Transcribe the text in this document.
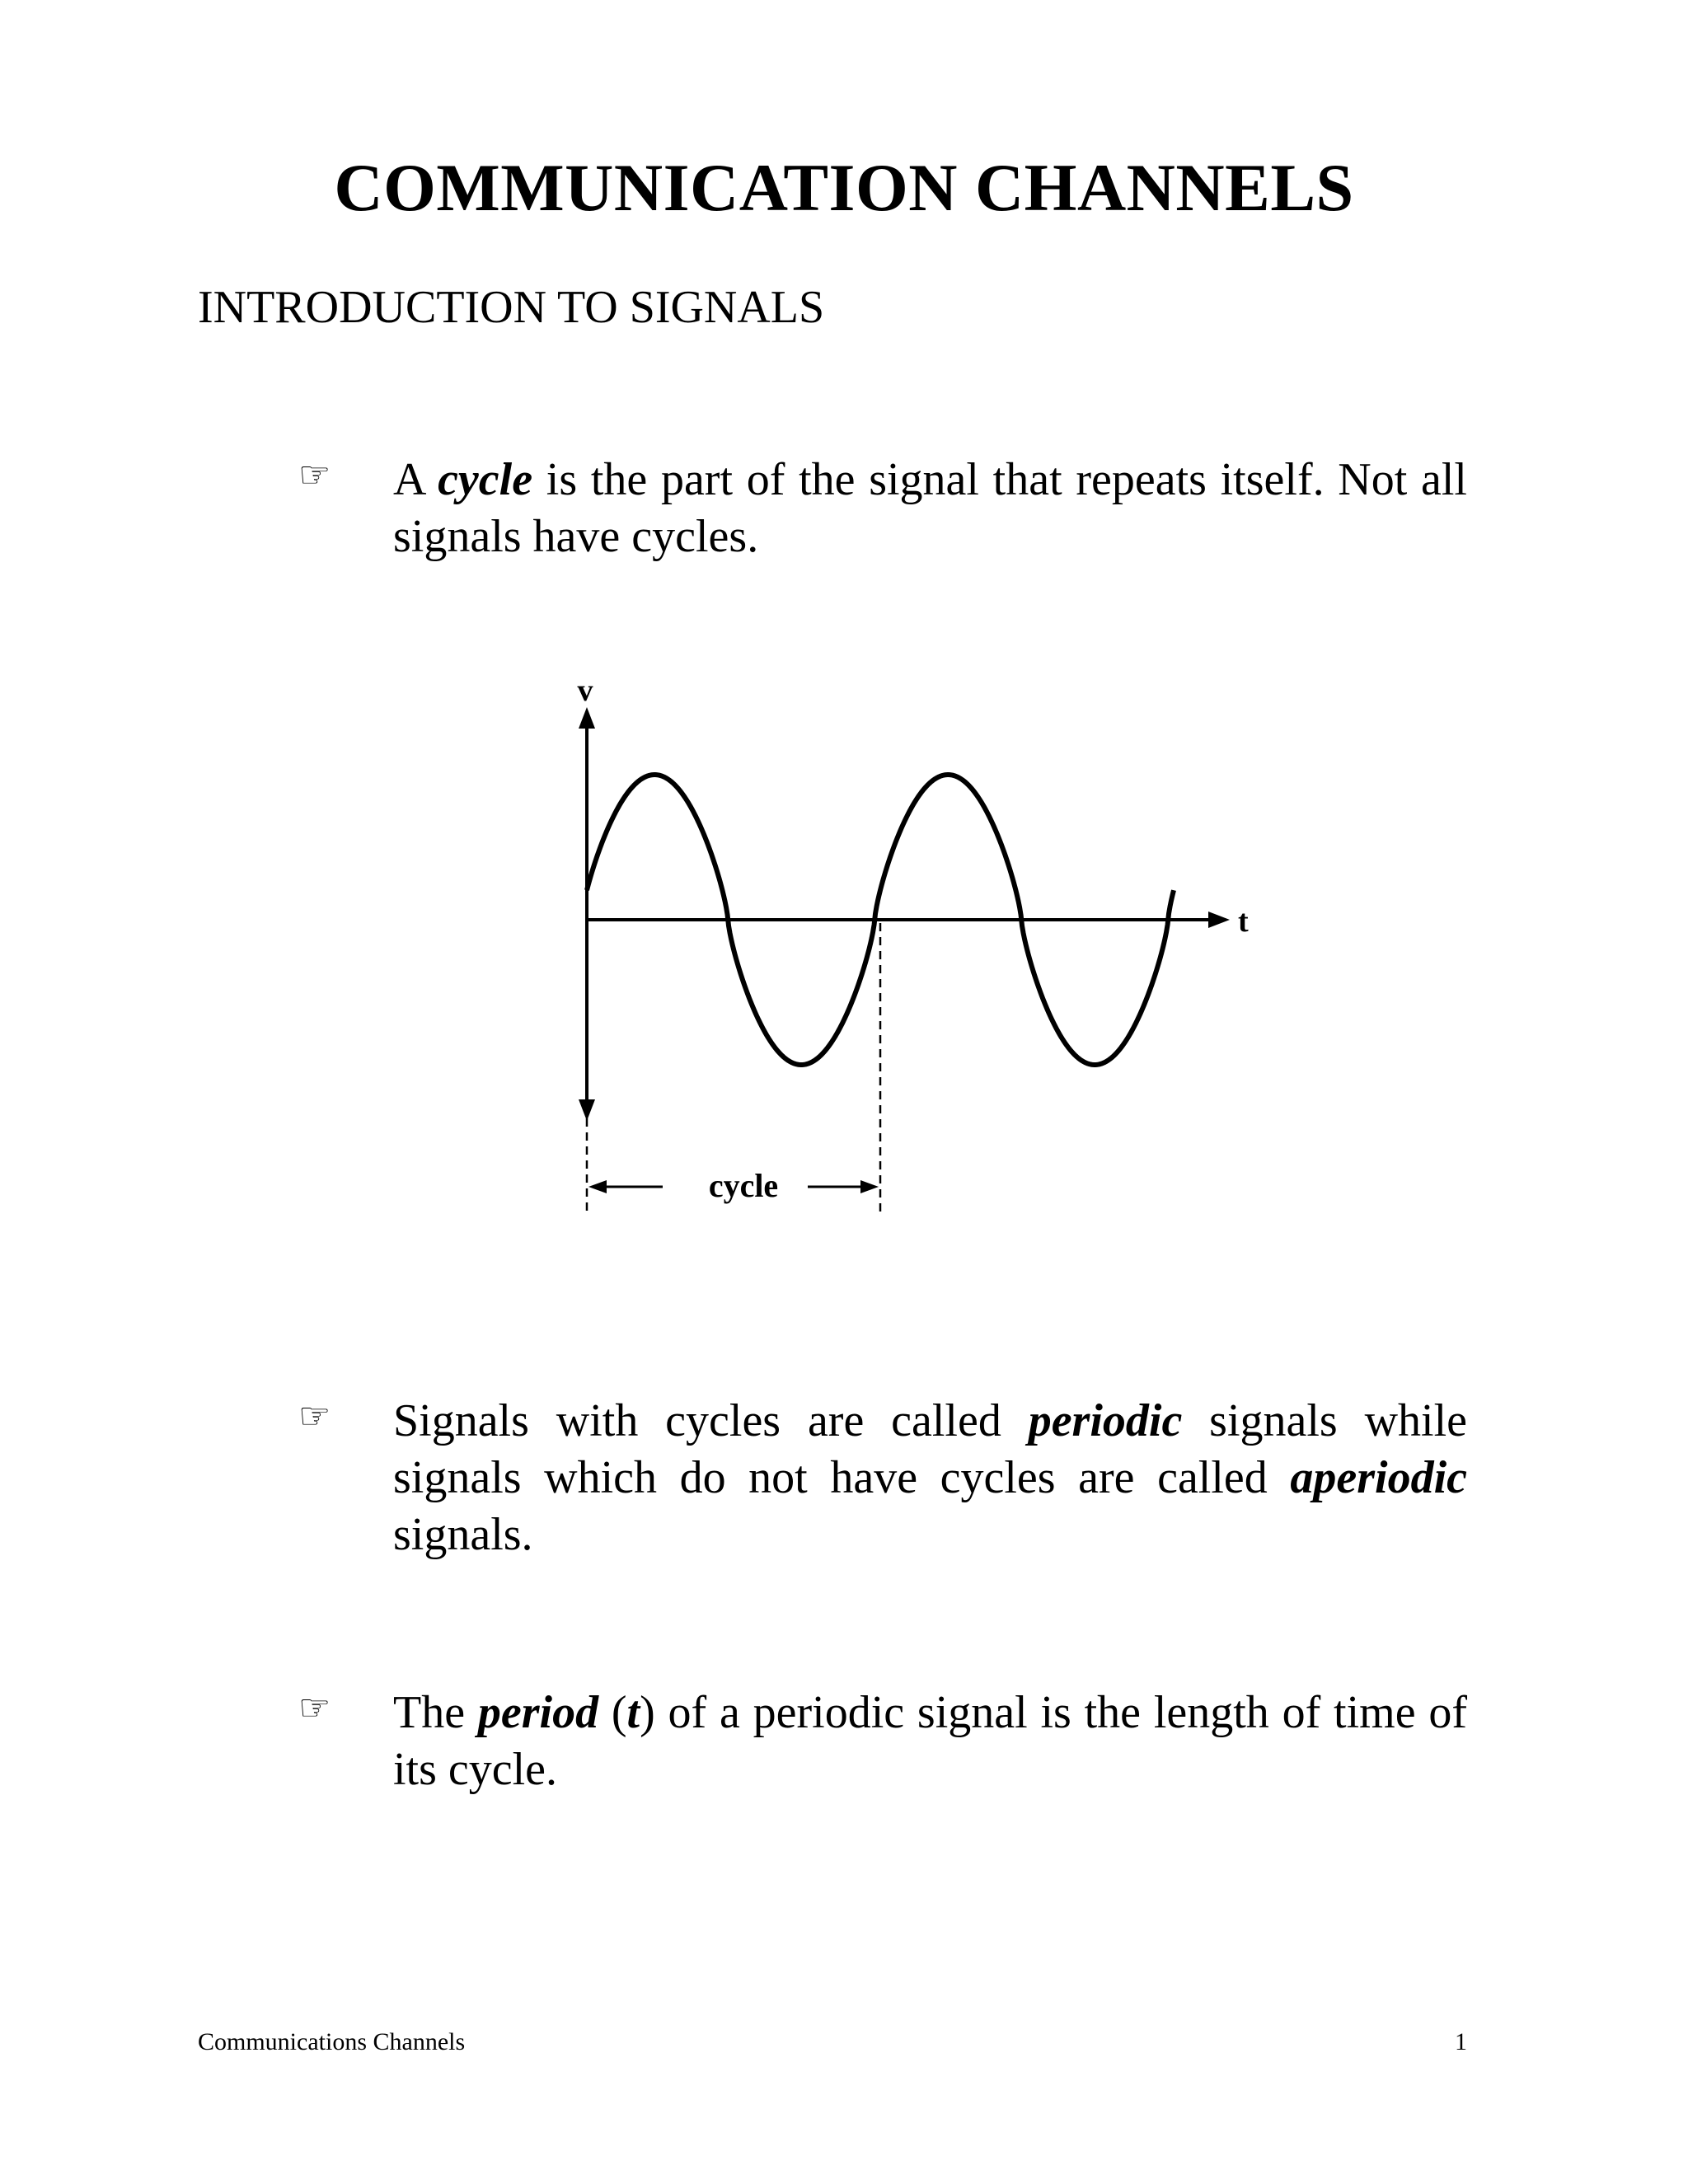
COMMUNICATION CHANNELS
INTRODUCTION TO SIGNALS
☞	A cycle is the part of the signal that repeats itself. Not all signals have cycles.
v
t
cycle
☞	Signals with cycles are called periodic signals while signals which do not have cycles are called aperiodic signals.
☞	The period (t) of a periodic signal is the length of time of its cycle.
Communications Channels	1
